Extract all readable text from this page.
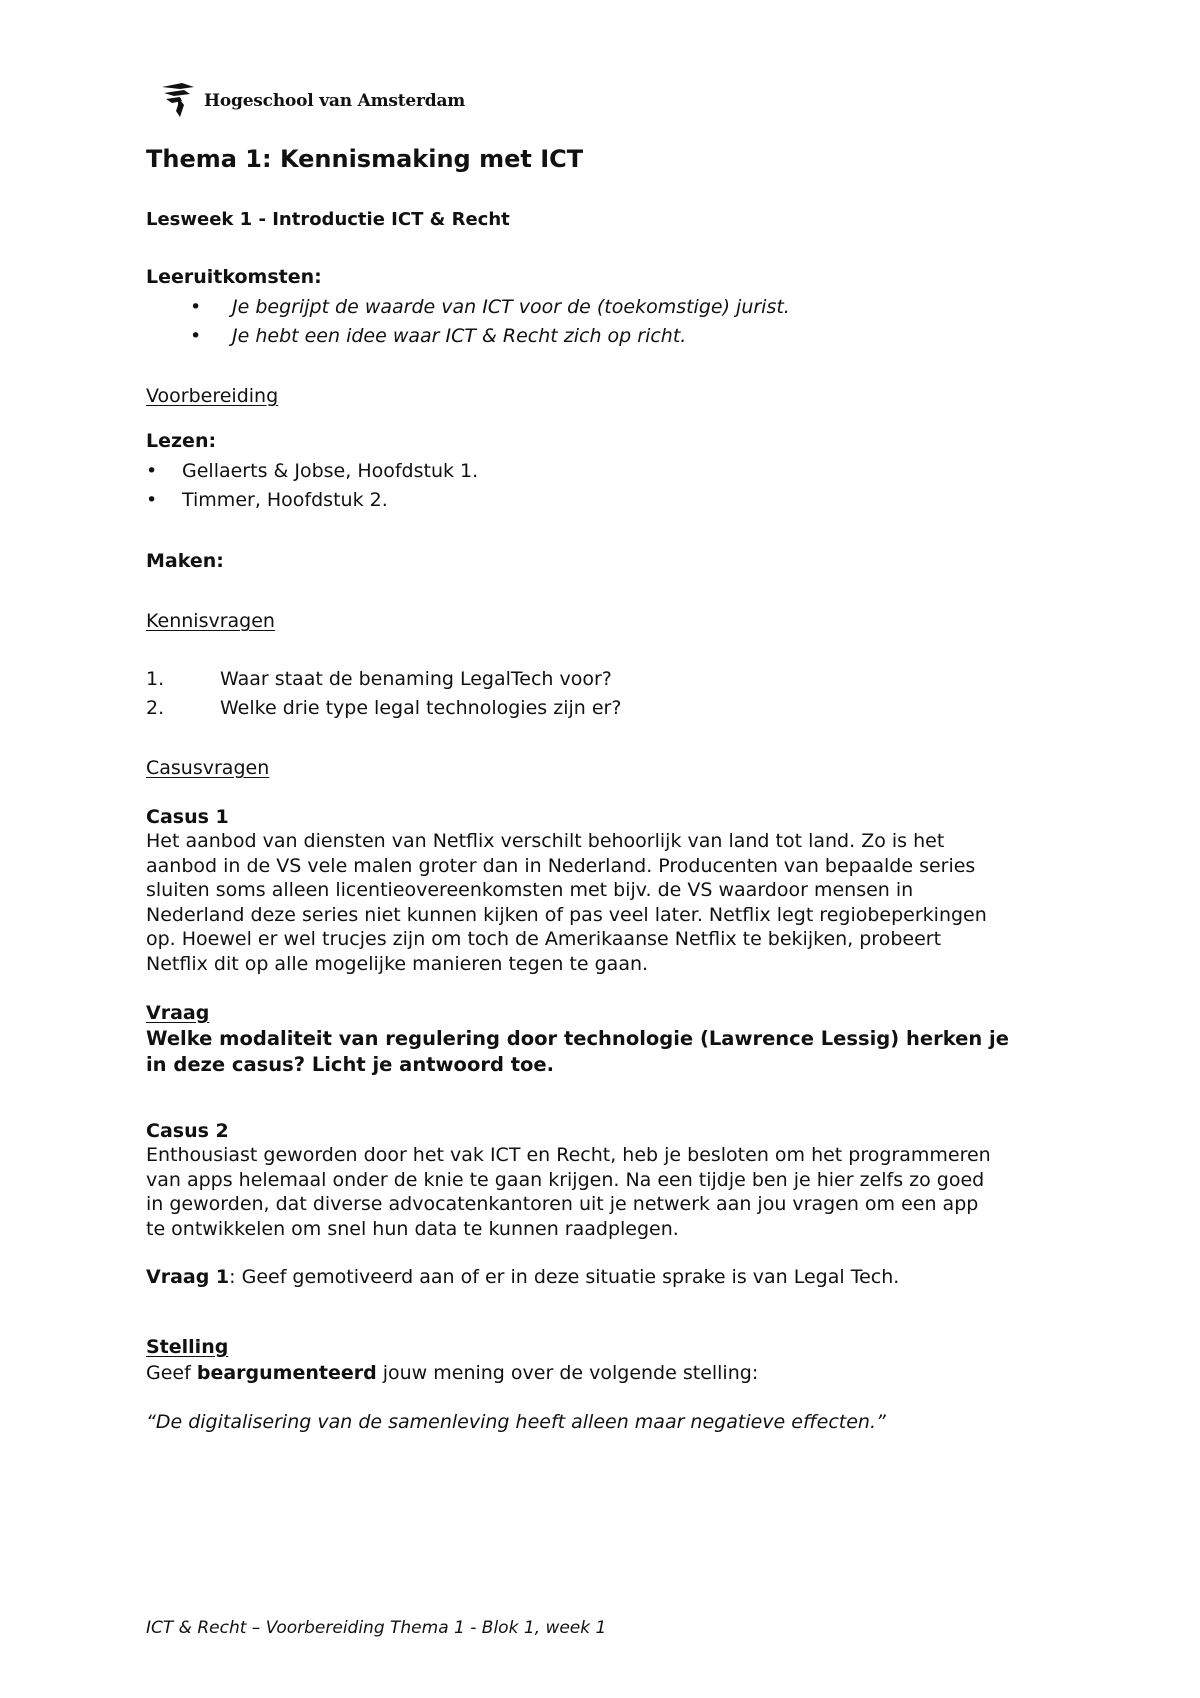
Hogeschool van Amsterdam
Thema 1: Kennismaking met ICT
Lesweek 1 - Introductie ICT & Recht
Leeruitkomsten:
•	Je begrijpt de waarde van ICT voor de (toekomstige) jurist.
•	Je hebt een idee waar ICT & Recht zich op richt.
Voorbereiding
Lezen:
•	Gellaerts & Jobse, Hoofdstuk 1.
•	Timmer, Hoofdstuk 2.
Maken:
Kennisvragen
1.	Waar staat de benaming LegalTech voor?
2.	Welke drie type legal technologies zijn er?
Casusvragen
Casus 1
Het aanbod van diensten van Netflix verschilt behoorlijk van land tot land. Zo is het
aanbod in de VS vele malen groter dan in Nederland. Producenten van bepaalde series
sluiten soms alleen licentieovereenkomsten met bijv. de VS waardoor mensen in
Nederland deze series niet kunnen kijken of pas veel later. Netflix legt regiobeperkingen
op. Hoewel er wel trucjes zijn om toch de Amerikaanse Netflix te bekijken, probeert
Netflix dit op alle mogelijke manieren tegen te gaan.
Vraag
Welke modaliteit van regulering door technologie (Lawrence Lessig) herken je
in deze casus? Licht je antwoord toe.
Casus 2
Enthousiast geworden door het vak ICT en Recht, heb je besloten om het programmeren
van apps helemaal onder de knie te gaan krijgen. Na een tijdje ben je hier zelfs zo goed
in geworden, dat diverse advocatenkantoren uit je netwerk aan jou vragen om een app
te ontwikkelen om snel hun data te kunnen raadplegen.
Vraag 1: Geef gemotiveerd aan of er in deze situatie sprake is van Legal Tech.
Stelling
Geef beargumenteerd jouw mening over de volgende stelling:
“De digitalisering van de samenleving heeft alleen maar negatieve effecten.”
ICT & Recht – Voorbereiding Thema 1 - Blok 1, week 1
